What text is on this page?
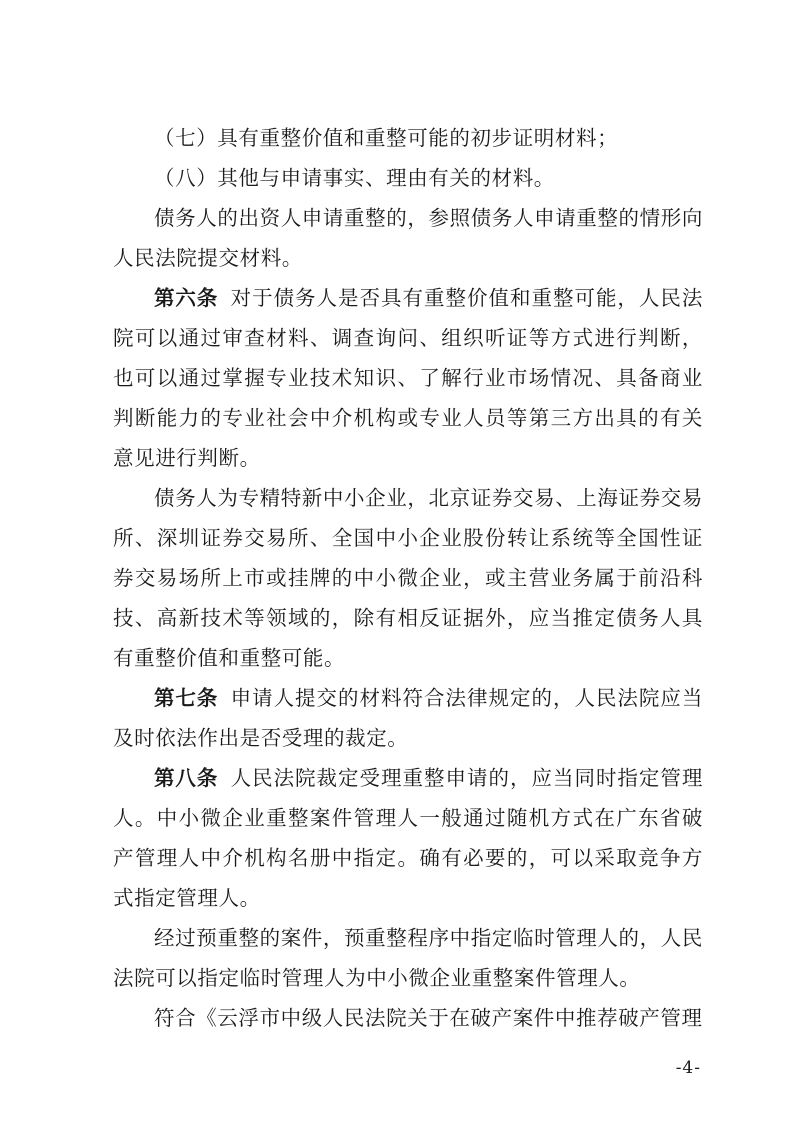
（七）具有重整价值和重整可能的初步证明材料；

（八）其他与申请事实、理由有关的材料。

债务人的出资人申请重整的，参照债务人申请重整的情形向人民法院提交材料。

第六条 对于债务人是否具有重整价值和重整可能，人民法院可以通过审查材料、调查询问、组织听证等方式进行判断，也可以通过掌握专业技术知识、了解行业市场情况、具备商业判断能力的专业社会中介机构或专业人员等第三方出具的有关意见进行判断。

债务人为专精特新中小企业，北京证券交易、上海证券交易所、深圳证券交易所、全国中小企业股份转让系统等全国性证券交易场所上市或挂牌的中小微企业，或主营业务属于前沿科技、高新技术等领域的，除有相反证据外，应当推定债务人具有重整价值和重整可能。

第七条 申请人提交的材料符合法律规定的，人民法院应当及时依法作出是否受理的裁定。

第八条 人民法院裁定受理重整申请的，应当同时指定管理人。中小微企业重整案件管理人一般通过随机方式在广东省破产管理人中介机构名册中指定。确有必要的，可以采取竞争方式指定管理人。

经过预重整的案件，预重整程序中指定临时管理人的，人民法院可以指定临时管理人为中小微企业重整案件管理人。

符合《云浮市中级人民法院关于在破产案件中推荐破产管理

-4-
